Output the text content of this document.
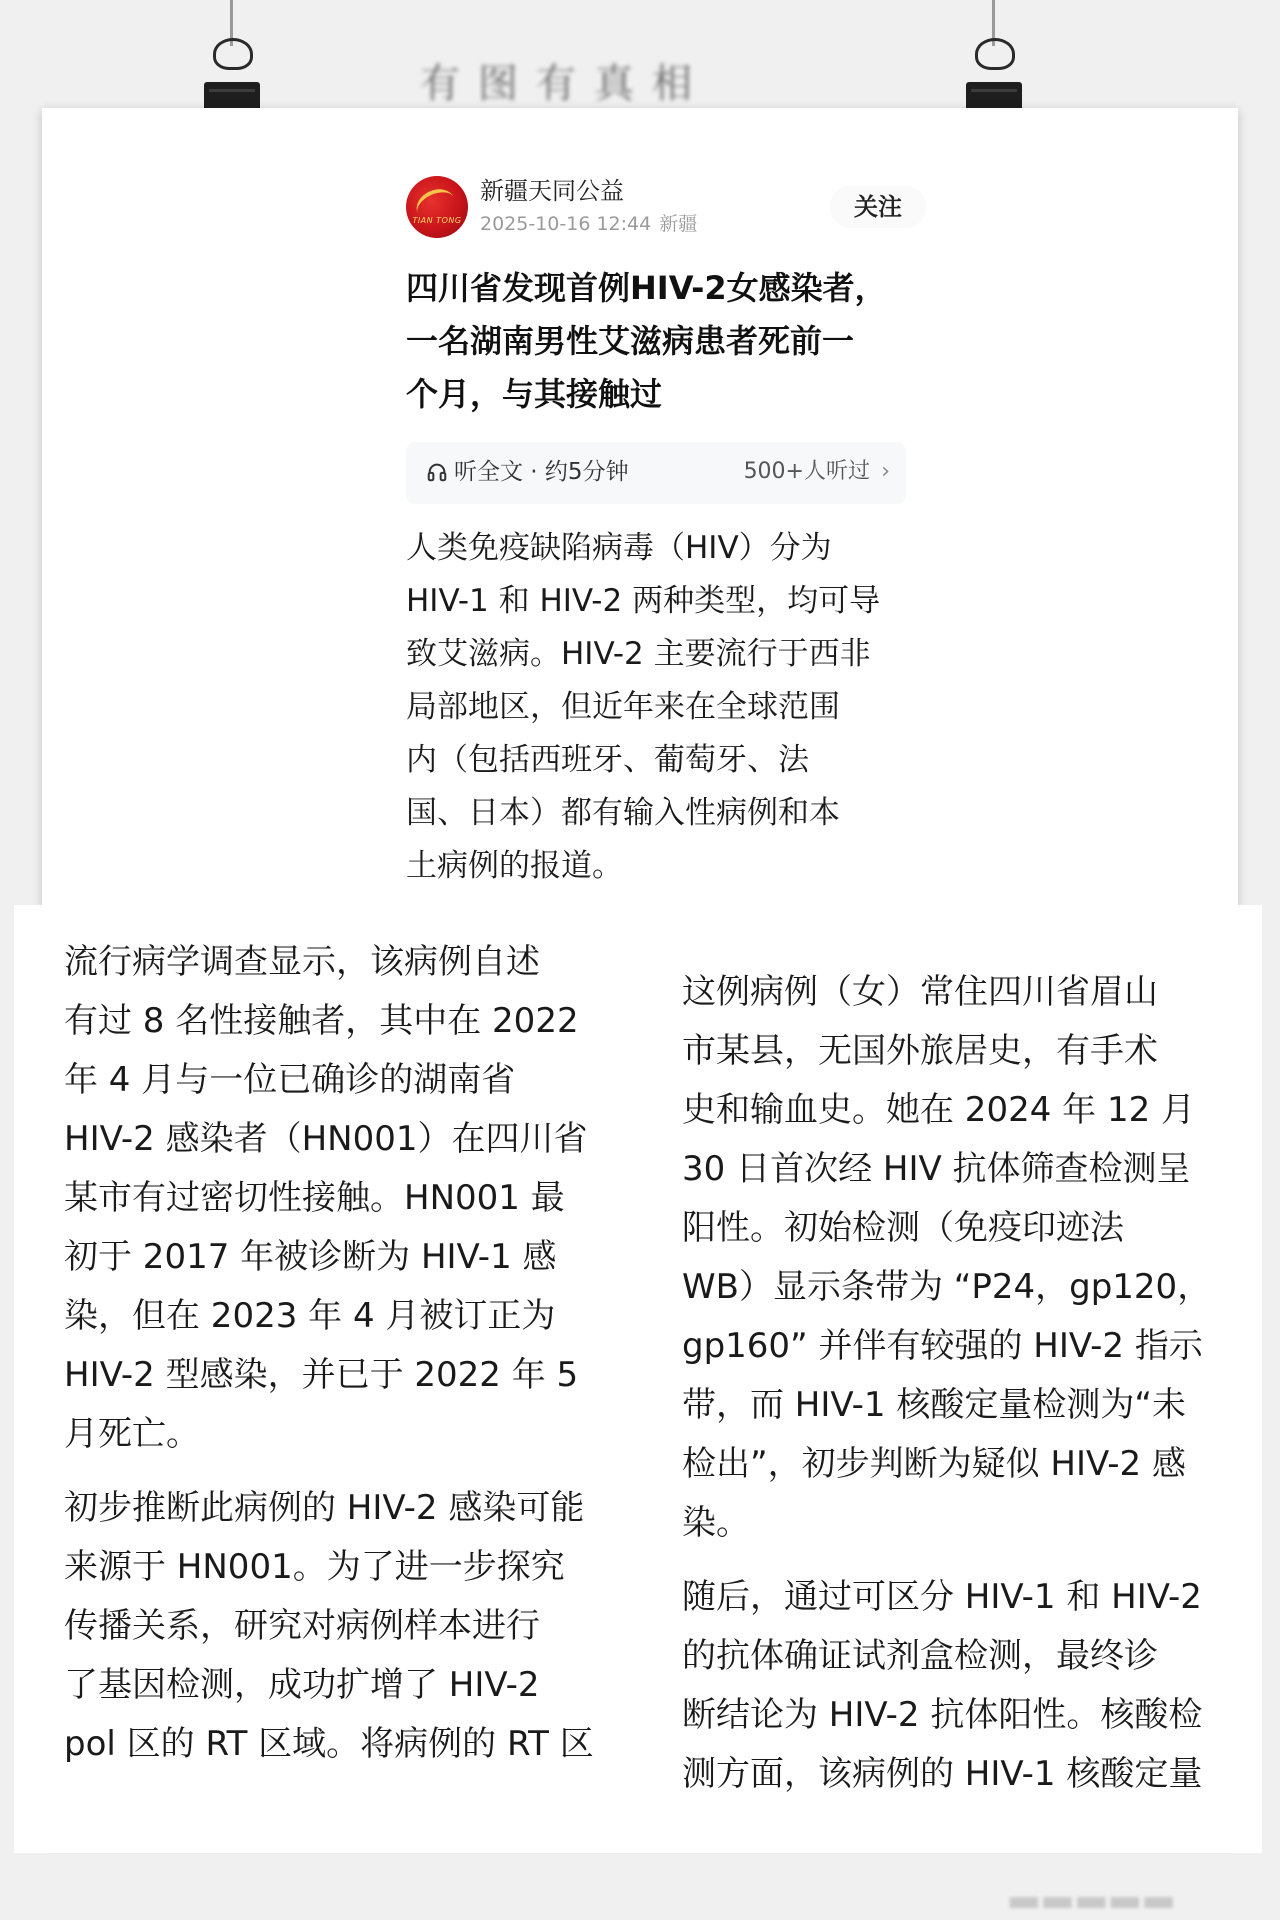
有图有真相
TIAN TONG
新疆天同公益
2025-10-16 12:44 新疆
关注
四川省发现首例HIV-2女感染者，
一名湖南男性艾滋病患者死前一
个月，与其接触过
听全文 · 约5分钟	500+人听过 ›
人类免疫缺陷病毒（HIV）分为
HIV-1 和 HIV-2 两种类型，均可导
致艾滋病。HIV-2 主要流行于西非
局部地区，但近年来在全球范围
内（包括西班牙、葡萄牙、法
国、日本）都有输入性病例和本
土病例的报道。

流行病学调查显示，该病例自述
有过 8 名性接触者，其中在 2022
年 4 月与一位已确诊的湖南省
HIV-2 感染者（HN001）在四川省
某市有过密切性接触。HN001 最
初于 2017 年被诊断为 HIV-1 感
染，但在 2023 年 4 月被订正为
HIV-2 型感染，并已于 2022 年 5
月死亡。

初步推断此病例的 HIV-2 感染可能
来源于 HN001。为了进一步探究
传播关系，研究对病例样本进行
了基因检测，成功扩增了 HIV-2
pol 区的 RT 区域。将病例的 RT 区

这例病例（女）常住四川省眉山
市某县，无国外旅居史，有手术
史和输血史。她在 2024 年 12 月
30 日首次经 HIV 抗体筛查检测呈
阳性。初始检测（免疫印迹法
WB）显示条带为 “P24，gp120，
gp160” 并伴有较强的 HIV-2 指示
带，而 HIV-1 核酸定量检测为“未
检出”，初步判断为疑似 HIV-2 感
染。

随后，通过可区分 HIV-1 和 HIV-2
的抗体确证试剂盒检测，最终诊
断结论为 HIV-2 抗体阳性。核酸检
测方面，该病例的 HIV-1 核酸定量

▂▂▂▂▂
